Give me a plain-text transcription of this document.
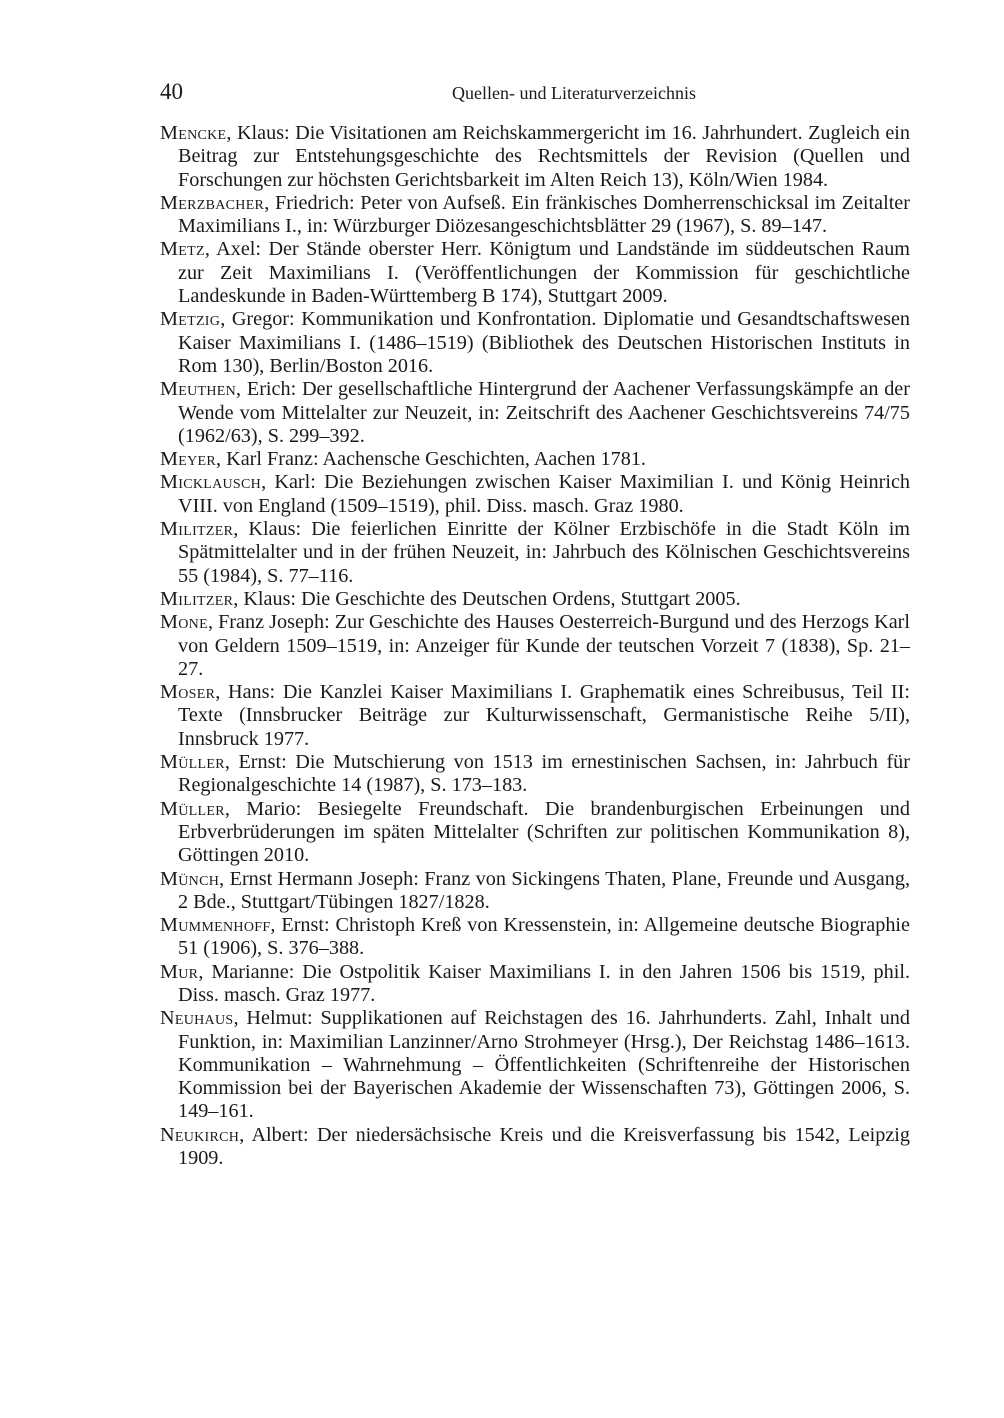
40	Quellen- und Literaturverzeichnis
Mencke, Klaus: Die Visitationen am Reichskammergericht im 16. Jahrhundert. Zugleich ein Beitrag zur Entstehungsgeschichte des Rechtsmittels der Revision (Quellen und Forschungen zur höchsten Gerichtsbarkeit im Alten Reich 13), Köln/Wien 1984.
Merzbacher, Friedrich: Peter von Aufseß. Ein fränkisches Domherrenschicksal im Zeitalter Maximilians I., in: Würzburger Diözesangeschichtsblätter 29 (1967), S. 89–147.
Metz, Axel: Der Stände oberster Herr. Königtum und Landstände im süddeutschen Raum zur Zeit Maximilians I. (Veröffentlichungen der Kommission für geschichtliche Landeskunde in Baden-Württemberg B 174), Stuttgart 2009.
Metzig, Gregor: Kommunikation und Konfrontation. Diplomatie und Gesandtschaftswesen Kaiser Maximilians I. (1486–1519) (Bibliothek des Deutschen Historischen Instituts in Rom 130), Berlin/Boston 2016.
Meuthen, Erich: Der gesellschaftliche Hintergrund der Aachener Verfassungskämpfe an der Wende vom Mittelalter zur Neuzeit, in: Zeitschrift des Aachener Geschichtsvereins 74/75 (1962/63), S. 299–392.
Meyer, Karl Franz: Aachensche Geschichten, Aachen 1781.
Micklausch, Karl: Die Beziehungen zwischen Kaiser Maximilian I. und König Heinrich VIII. von England (1509–1519), phil. Diss. masch. Graz 1980.
Militzer, Klaus: Die feierlichen Einritte der Kölner Erzbischöfe in die Stadt Köln im Spätmittelalter und in der frühen Neuzeit, in: Jahrbuch des Kölnischen Geschichtsvereins 55 (1984), S. 77–116.
Militzer, Klaus: Die Geschichte des Deutschen Ordens, Stuttgart 2005.
Mone, Franz Joseph: Zur Geschichte des Hauses Oesterreich-Burgund und des Herzogs Karl von Geldern 1509–1519, in: Anzeiger für Kunde der teutschen Vorzeit 7 (1838), Sp. 21–27.
Moser, Hans: Die Kanzlei Kaiser Maximilians I. Graphematik eines Schreibusus, Teil II: Texte (Innsbrucker Beiträge zur Kulturwissenschaft, Germanistische Reihe 5/II), Innsbruck 1977.
Müller, Ernst: Die Mutschierung von 1513 im ernestinischen Sachsen, in: Jahrbuch für Regionalgeschichte 14 (1987), S. 173–183.
Müller, Mario: Besiegelte Freundschaft. Die brandenburgischen Erbeinungen und Erbverbrüderungen im späten Mittelalter (Schriften zur politischen Kommunikation 8), Göttingen 2010.
Münch, Ernst Hermann Joseph: Franz von Sickingens Thaten, Plane, Freunde und Ausgang, 2 Bde., Stuttgart/Tübingen 1827/1828.
Mummenhoff, Ernst: Christoph Kreß von Kressenstein, in: Allgemeine deutsche Biographie 51 (1906), S. 376–388.
Mur, Marianne: Die Ostpolitik Kaiser Maximilians I. in den Jahren 1506 bis 1519, phil. Diss. masch. Graz 1977.
Neuhaus, Helmut: Supplikationen auf Reichstagen des 16. Jahrhunderts. Zahl, Inhalt und Funktion, in: Maximilian Lanzinner/Arno Strohmeyer (Hrsg.), Der Reichstag 1486–1613. Kommunikation – Wahrnehmung – Öffentlichkeiten (Schriftenreihe der Historischen Kommission bei der Bayerischen Akademie der Wissenschaften 73), Göttingen 2006, S. 149–161.
Neukirch, Albert: Der niedersächsische Kreis und die Kreisverfassung bis 1542, Leipzig 1909.
